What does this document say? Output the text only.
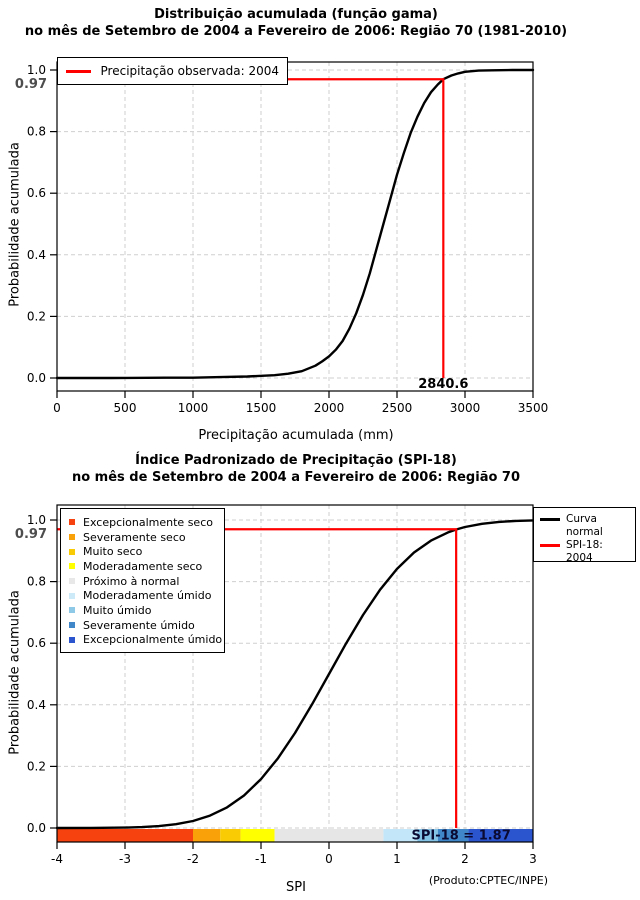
0	500	1000	1500	2000	2500	3000	3500
0.0
0.2
0.4
0.6
0.8
1.0
0.97
2840.6
-4	-3	-2	-1	0	1	2	3
0.0
0.2
0.4
0.6
0.8
1.0
0.97
SPI-18 = 1.87
(Produto:CPTEC/INPE)
Distribuição acumulada (função gama)
no mês de Setembro de 2004 a Fevereiro de 2006: Região 70 (1981-2010)
Probabilidade acumulada
Precipitação acumulada (mm)
Precipitação observada: 2004
Índice Padronizado de Precipitação (SPI-18)
no mês de Setembro de 2004 a Fevereiro de 2006: Região 70
Probabilidade acumulada
SPI
Excepcionalmente seco
Severamente seco
Muito seco
Moderadamente seco
Próximo à normal
Moderadamente úmido
Muito úmido
Severamente úmido
Excepcionalmente úmido
Curva normal
SPI-18: 2004
